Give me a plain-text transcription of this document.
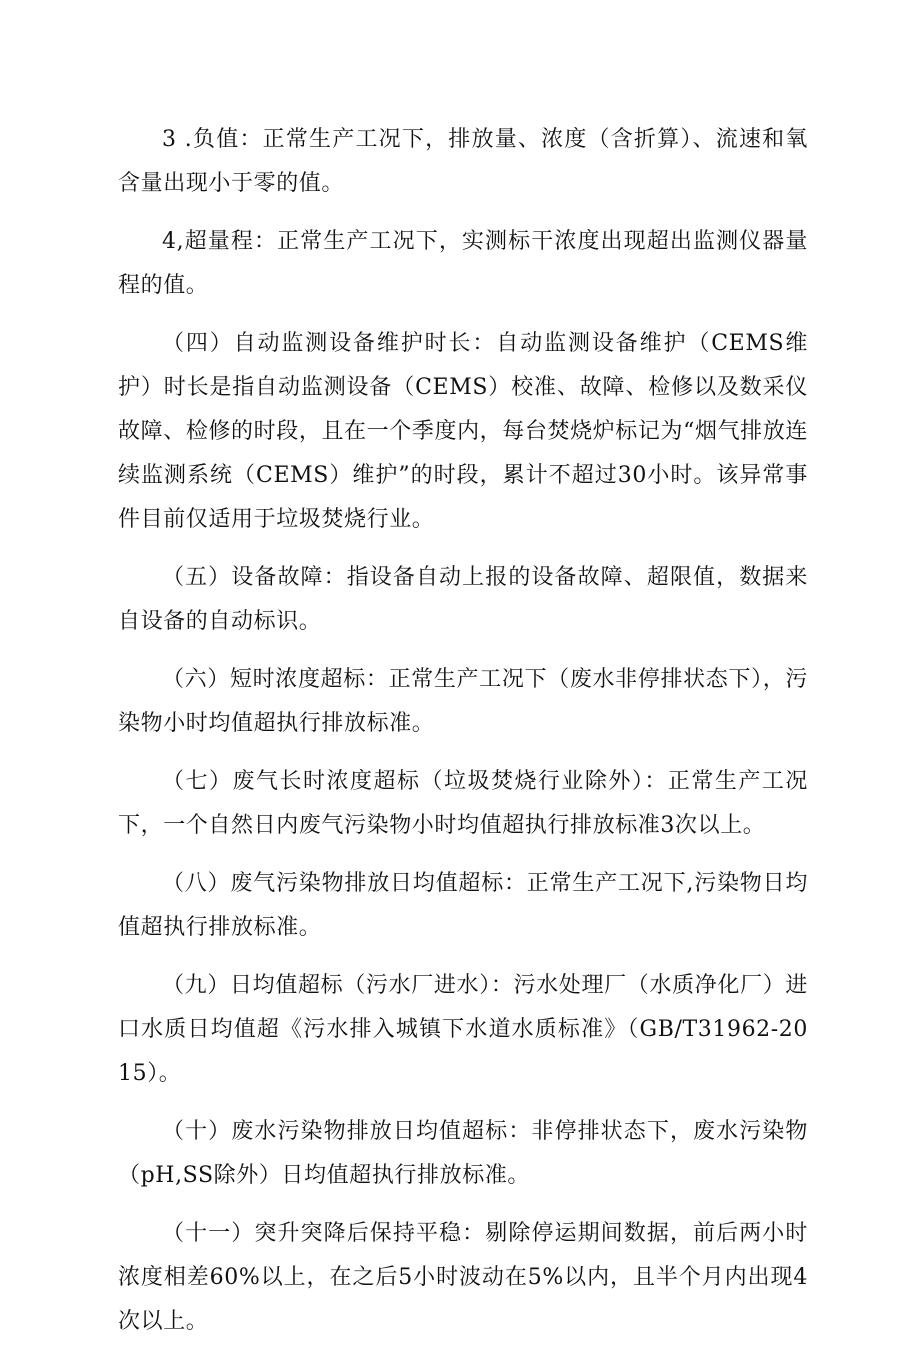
3 .负值：正常生产工况下，排放量、浓度（含折算）、流速和氧含量出现小于零的值。

4,超量程：正常生产工况下，实测标干浓度出现超出监测仪器量程的值。

（四）自动监测设备维护时长：自动监测设备维护（CEMS维护）时长是指自动监测设备（CEMS）校准、故障、检修以及数采仪故障、检修的时段，且在一个季度内，每台焚烧炉标记为“烟气排放连续监测系统（CEMS）维护”的时段，累计不超过30小时。该异常事件目前仅适用于垃圾焚烧行业。

（五）设备故障：指设备自动上报的设备故障、超限值，数据来自设备的自动标识。

（六）短时浓度超标：正常生产工况下（废水非停排状态下），污染物小时均值超执行排放标准。

（七）废气长时浓度超标（垃圾焚烧行业除外）：正常生产工况下，一个自然日内废气污染物小时均值超执行排放标准3次以上。

（八）废气污染物排放日均值超标：正常生产工况下,污染物日均值超执行排放标准。

（九）日均值超标（污水厂进水）：污水处理厂（水质净化厂）进口水质日均值超《污水排入城镇下水道水质标准》（GB/T31962-2015）。

（十）废水污染物排放日均值超标：非停排状态下，废水污染物（pH,SS除外）日均值超执行排放标准。

（十一）突升突降后保持平稳：剔除停运期间数据，前后两小时浓度相差60%以上，在之后5小时波动在5%以内，且半个月内出现4次以上。
